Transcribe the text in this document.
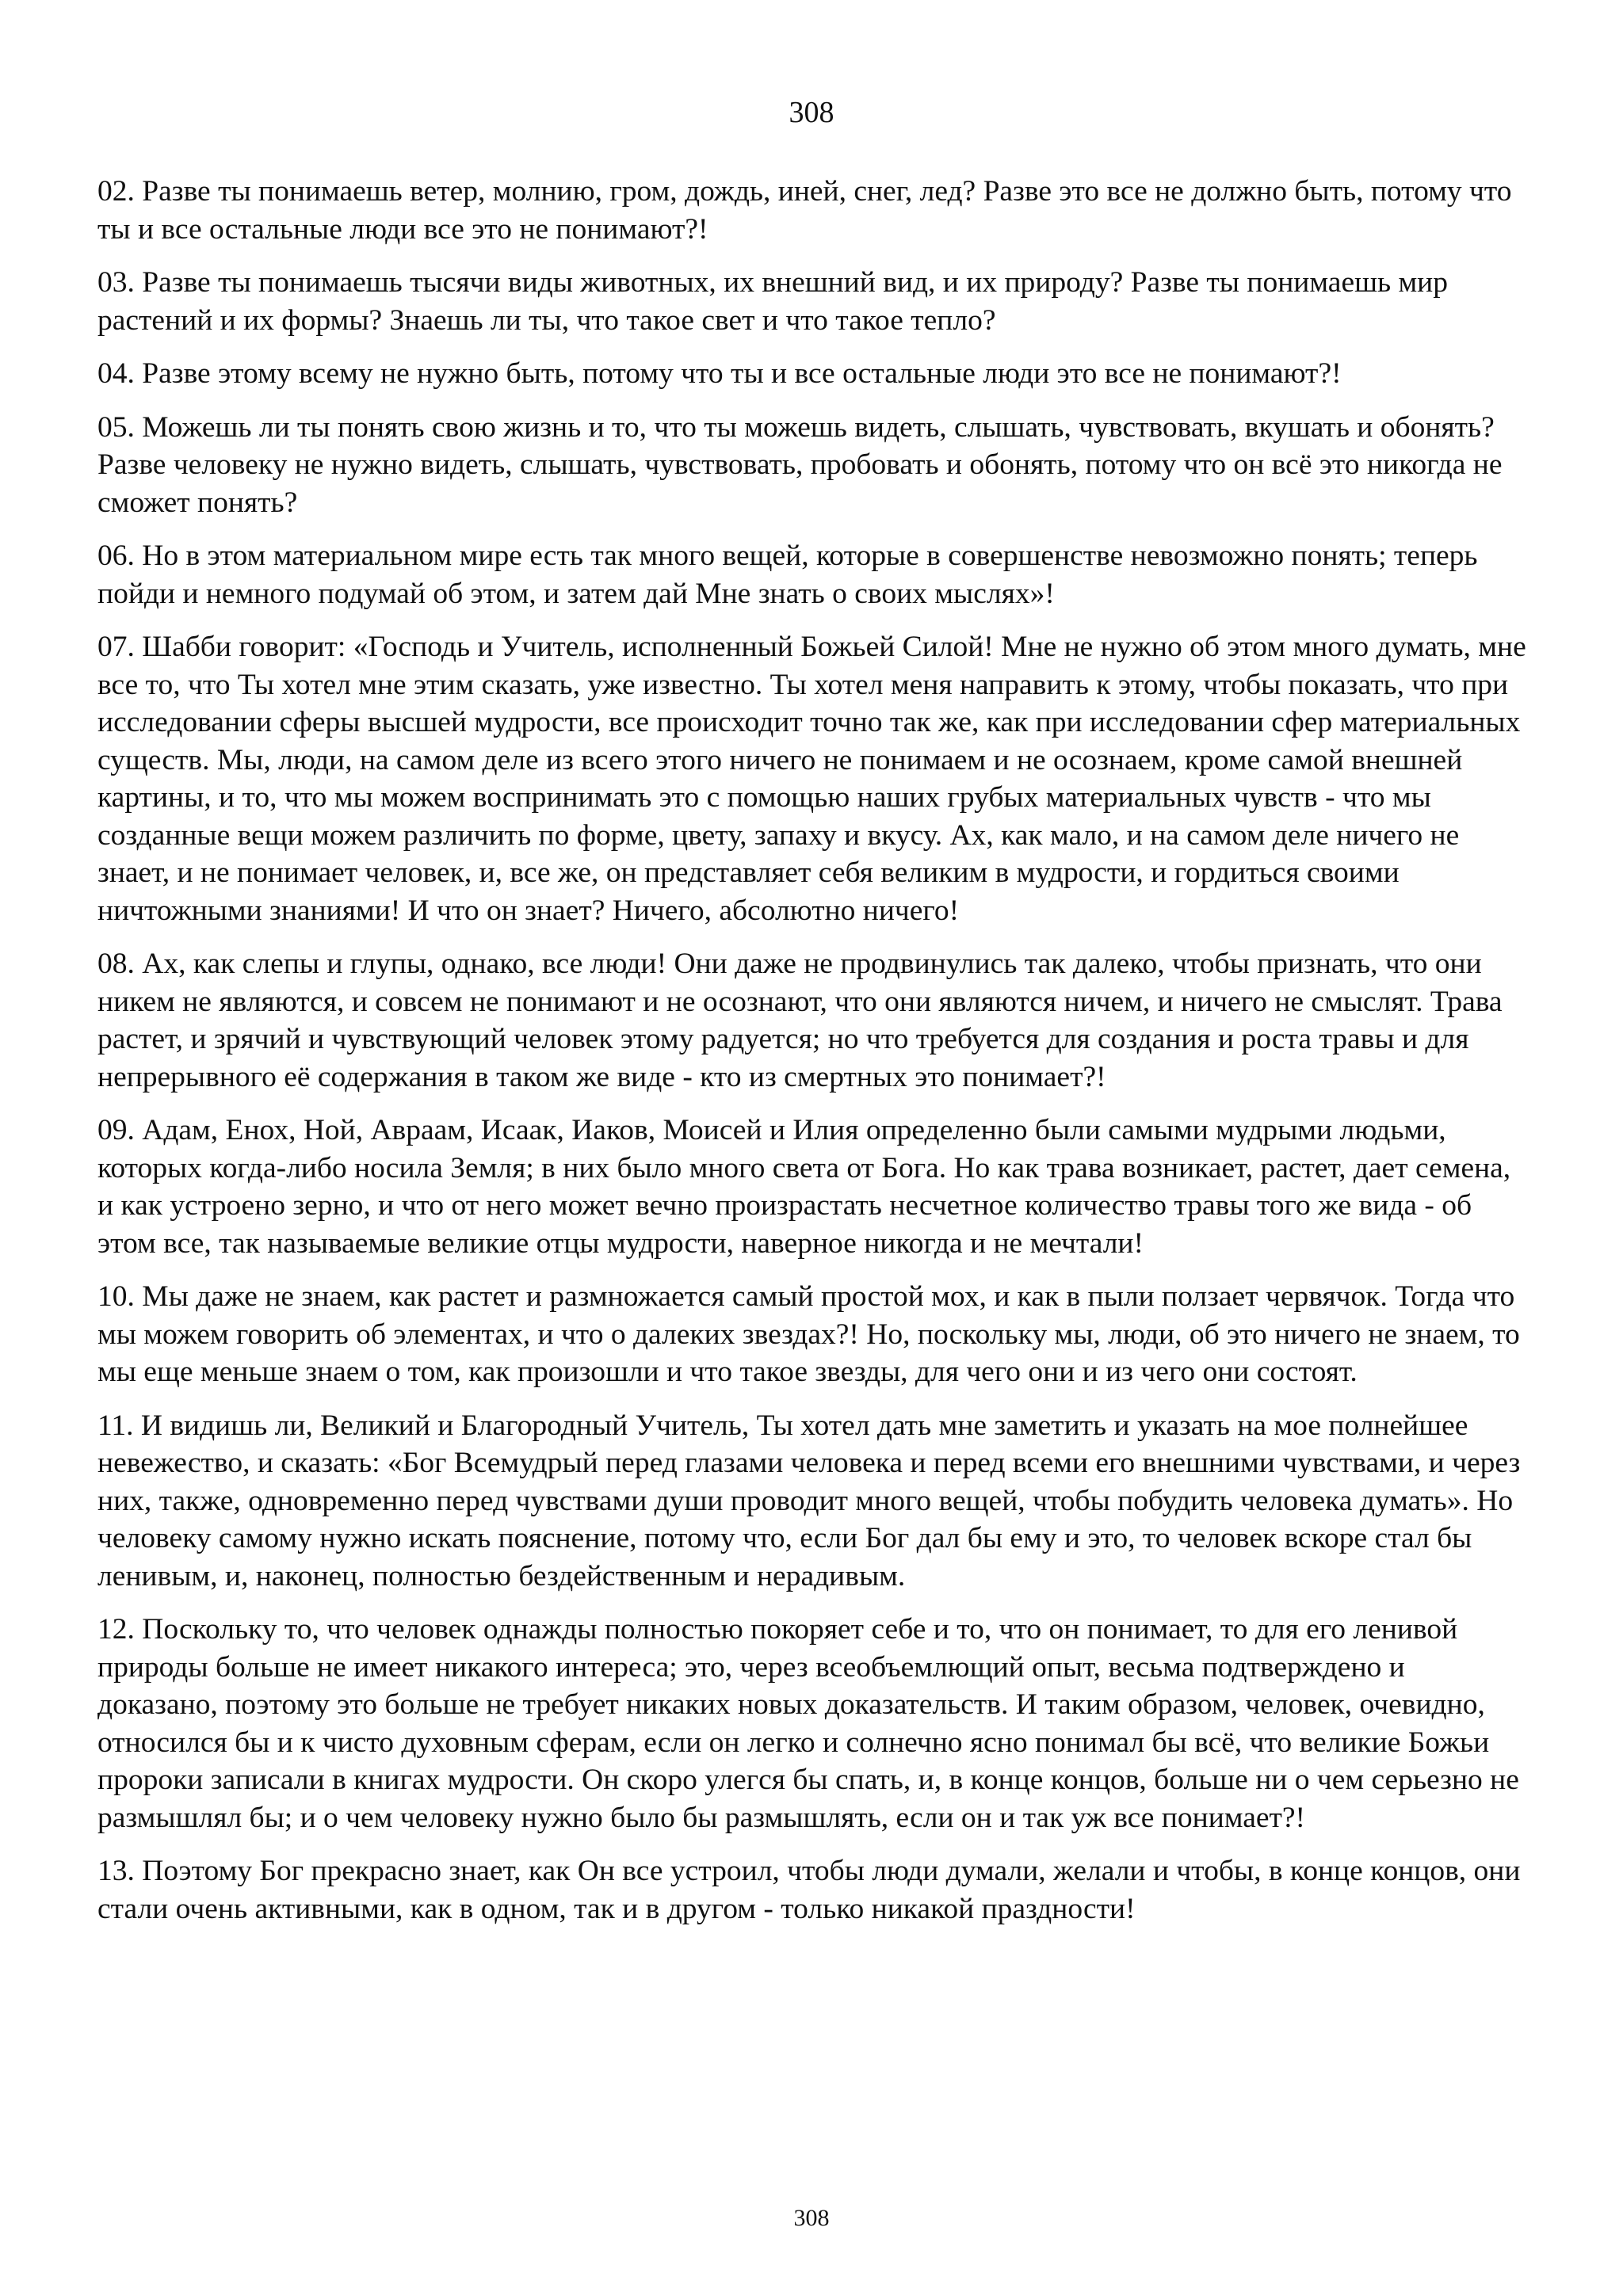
308

02. Разве ты понимаешь ветер, молнию, гром, дождь, иней, снег, лед? Разве это все не должно быть, потому что ты и все остальные люди все это не понимают?!

03. Разве ты понимаешь тысячи виды животных, их внешний вид, и их природу? Разве ты понимаешь мир растений и их формы? Знаешь ли ты, что такое свет и что такое тепло?

04. Разве этому всему не нужно быть, потому что ты и все остальные люди это все не понимают?!

05. Можешь ли ты понять свою жизнь и то, что ты можешь видеть, слышать, чувствовать, вкушать и обонять? Разве человеку не нужно видеть, слышать, чувствовать, пробовать и обонять, потому что он всё это никогда не сможет понять?

06. Но в этом материальном мире есть так много вещей, которые в совершенстве невозможно понять; теперь пойди и немного подумай об этом, и затем дай Мне знать о своих мыслях»!

07. Шабби говорит: «Господь и Учитель, исполненный Божьей Силой! Мне не нужно об этом много думать, мне все то, что Ты хотел мне этим сказать, уже известно. Ты хотел меня направить к этому, чтобы показать, что при исследовании сферы высшей мудрости, все происходит точно так же, как при исследовании сфер материальных существ. Мы, люди, на самом деле из всего этого ничего не понимаем и не осознаем, кроме самой внешней картины, и то, что мы можем воспринимать это с помощью наших грубых материальных чувств - что мы созданные вещи можем различить по форме, цвету, запаху и вкусу. Ах, как мало, и на самом деле ничего не знает, и не понимает человек, и, все же, он представляет себя великим в мудрости, и гордиться своими ничтожными знаниями! И что он знает? Ничего, абсолютно ничего!

08. Ах, как слепы и глупы, однако, все люди! Они даже не продвинулись так далеко, чтобы признать, что они никем не являются, и совсем не понимают и не осознают, что они являются ничем, и ничего не смыслят. Трава растет, и зрячий и чувствующий человек этому радуется; но что требуется для создания и роста травы и для непрерывного её содержания в таком же виде - кто из смертных это понимает?!

09. Адам, Енох, Ной, Авраам, Исаак, Иаков, Моисей и Илия определенно были самыми мудрыми людьми, которых когда-либо носила Земля; в них было много света от Бога. Но как трава возникает, растет, дает семена, и как устроено зерно, и что от него может вечно произрастать несчетное количество травы того же вида - об этом все, так называемые великие отцы мудрости, наверное никогда и не мечтали!

10. Мы даже не знаем, как растет и размножается самый простой мох, и как в пыли ползает червячок. Тогда что мы можем говорить об элементах, и что о далеких звездах?! Но, поскольку мы, люди, об это ничего не знаем, то мы еще меньше знаем о том, как произошли и что такое звезды, для чего они и из чего они состоят.

11. И видишь ли, Великий и Благородный Учитель, Ты хотел дать мне заметить и указать на мое полнейшее невежество, и сказать: «Бог Всемудрый перед глазами человека и перед всеми его внешними чувствами, и через них, также, одновременно перед чувствами души проводит много вещей, чтобы побудить человека думать». Но человеку самому нужно искать пояснение, потому что, если Бог дал бы ему и это, то человек вскоре стал бы ленивым, и, наконец, полностью бездейственным и нерадивым.

12. Поскольку то, что человек однажды полностью покоряет себе и то, что он понимает, то для его ленивой природы больше не имеет никакого интереса; это, через всеобъемлющий опыт, весьма подтверждено и доказано, поэтому это больше не требует никаких новых доказательств. И таким образом, человек, очевидно, относился бы и к чисто духовным сферам, если он легко и солнечно ясно понимал бы всё, что великие Божьи пророки записали в книгах мудрости. Он скоро улегся бы спать, и, в конце концов, больше ни о чем серьезно не размышлял бы; и о чем человеку нужно было бы размышлять, если он и так уж все понимает?!

13. Поэтому Бог прекрасно знает, как Он все устроил, чтобы люди думали, желали и чтобы, в конце концов, они стали очень активными, как в одном, так и в другом - только никакой праздности!

308
